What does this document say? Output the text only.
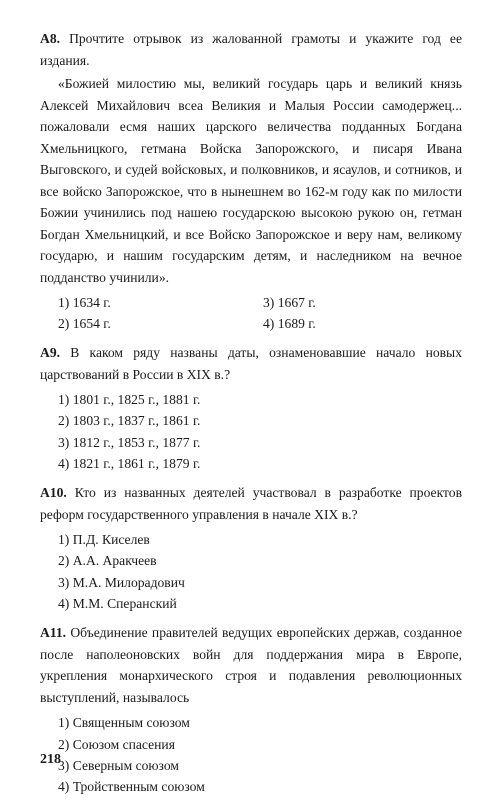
А8. Прочтите отрывок из жалованной грамоты и укажите год ее издания.
«Божией милостию мы, великий государь царь и великий князь Алексей Михайлович всеа Великия и Малыя России самодержец... пожаловали есмя наших царского величества подданных Богдана Хмельницкого, гетмана Войска Запорожского, и писаря Ивана Выговского, и судей войсковых, и полковников, и ясаулов, и сотников, и все войско Запорожское, что в нынешнем во 162-м году как по милости Божии учинились под нашею государскою высокою рукою он, гетман Богдан Хмельницкий, и все Войско Запорожское и веру нам, великому государю, и нашим государским детям, и наследником на вечное подданство учинили».
1) 1634 г.	3) 1667 г.
2) 1654 г.	4) 1689 г.
А9. В каком ряду названы даты, ознаменовавшие начало новых царствований в России в XIX в.?
1) 1801 г., 1825 г., 1881 г.
2) 1803 г., 1837 г., 1861 г.
3) 1812 г., 1853 г., 1877 г.
4) 1821 г., 1861 г., 1879 г.
А10. Кто из названных деятелей участвовал в разработке проектов реформ государственного управления в начале XIX в.?
1) П.Д. Киселев
2) А.А. Аракчеев
3) М.А. Милорадович
4) М.М. Сперанский
А11. Объединение правителей ведущих европейских держав, созданное после наполеоновских войн для поддержания мира в Европе, укрепления монархического строя и подавления революционных выступлений, называлось
1) Священным союзом
2) Союзом спасения
3) Северным союзом
4) Тройственным союзом
218
